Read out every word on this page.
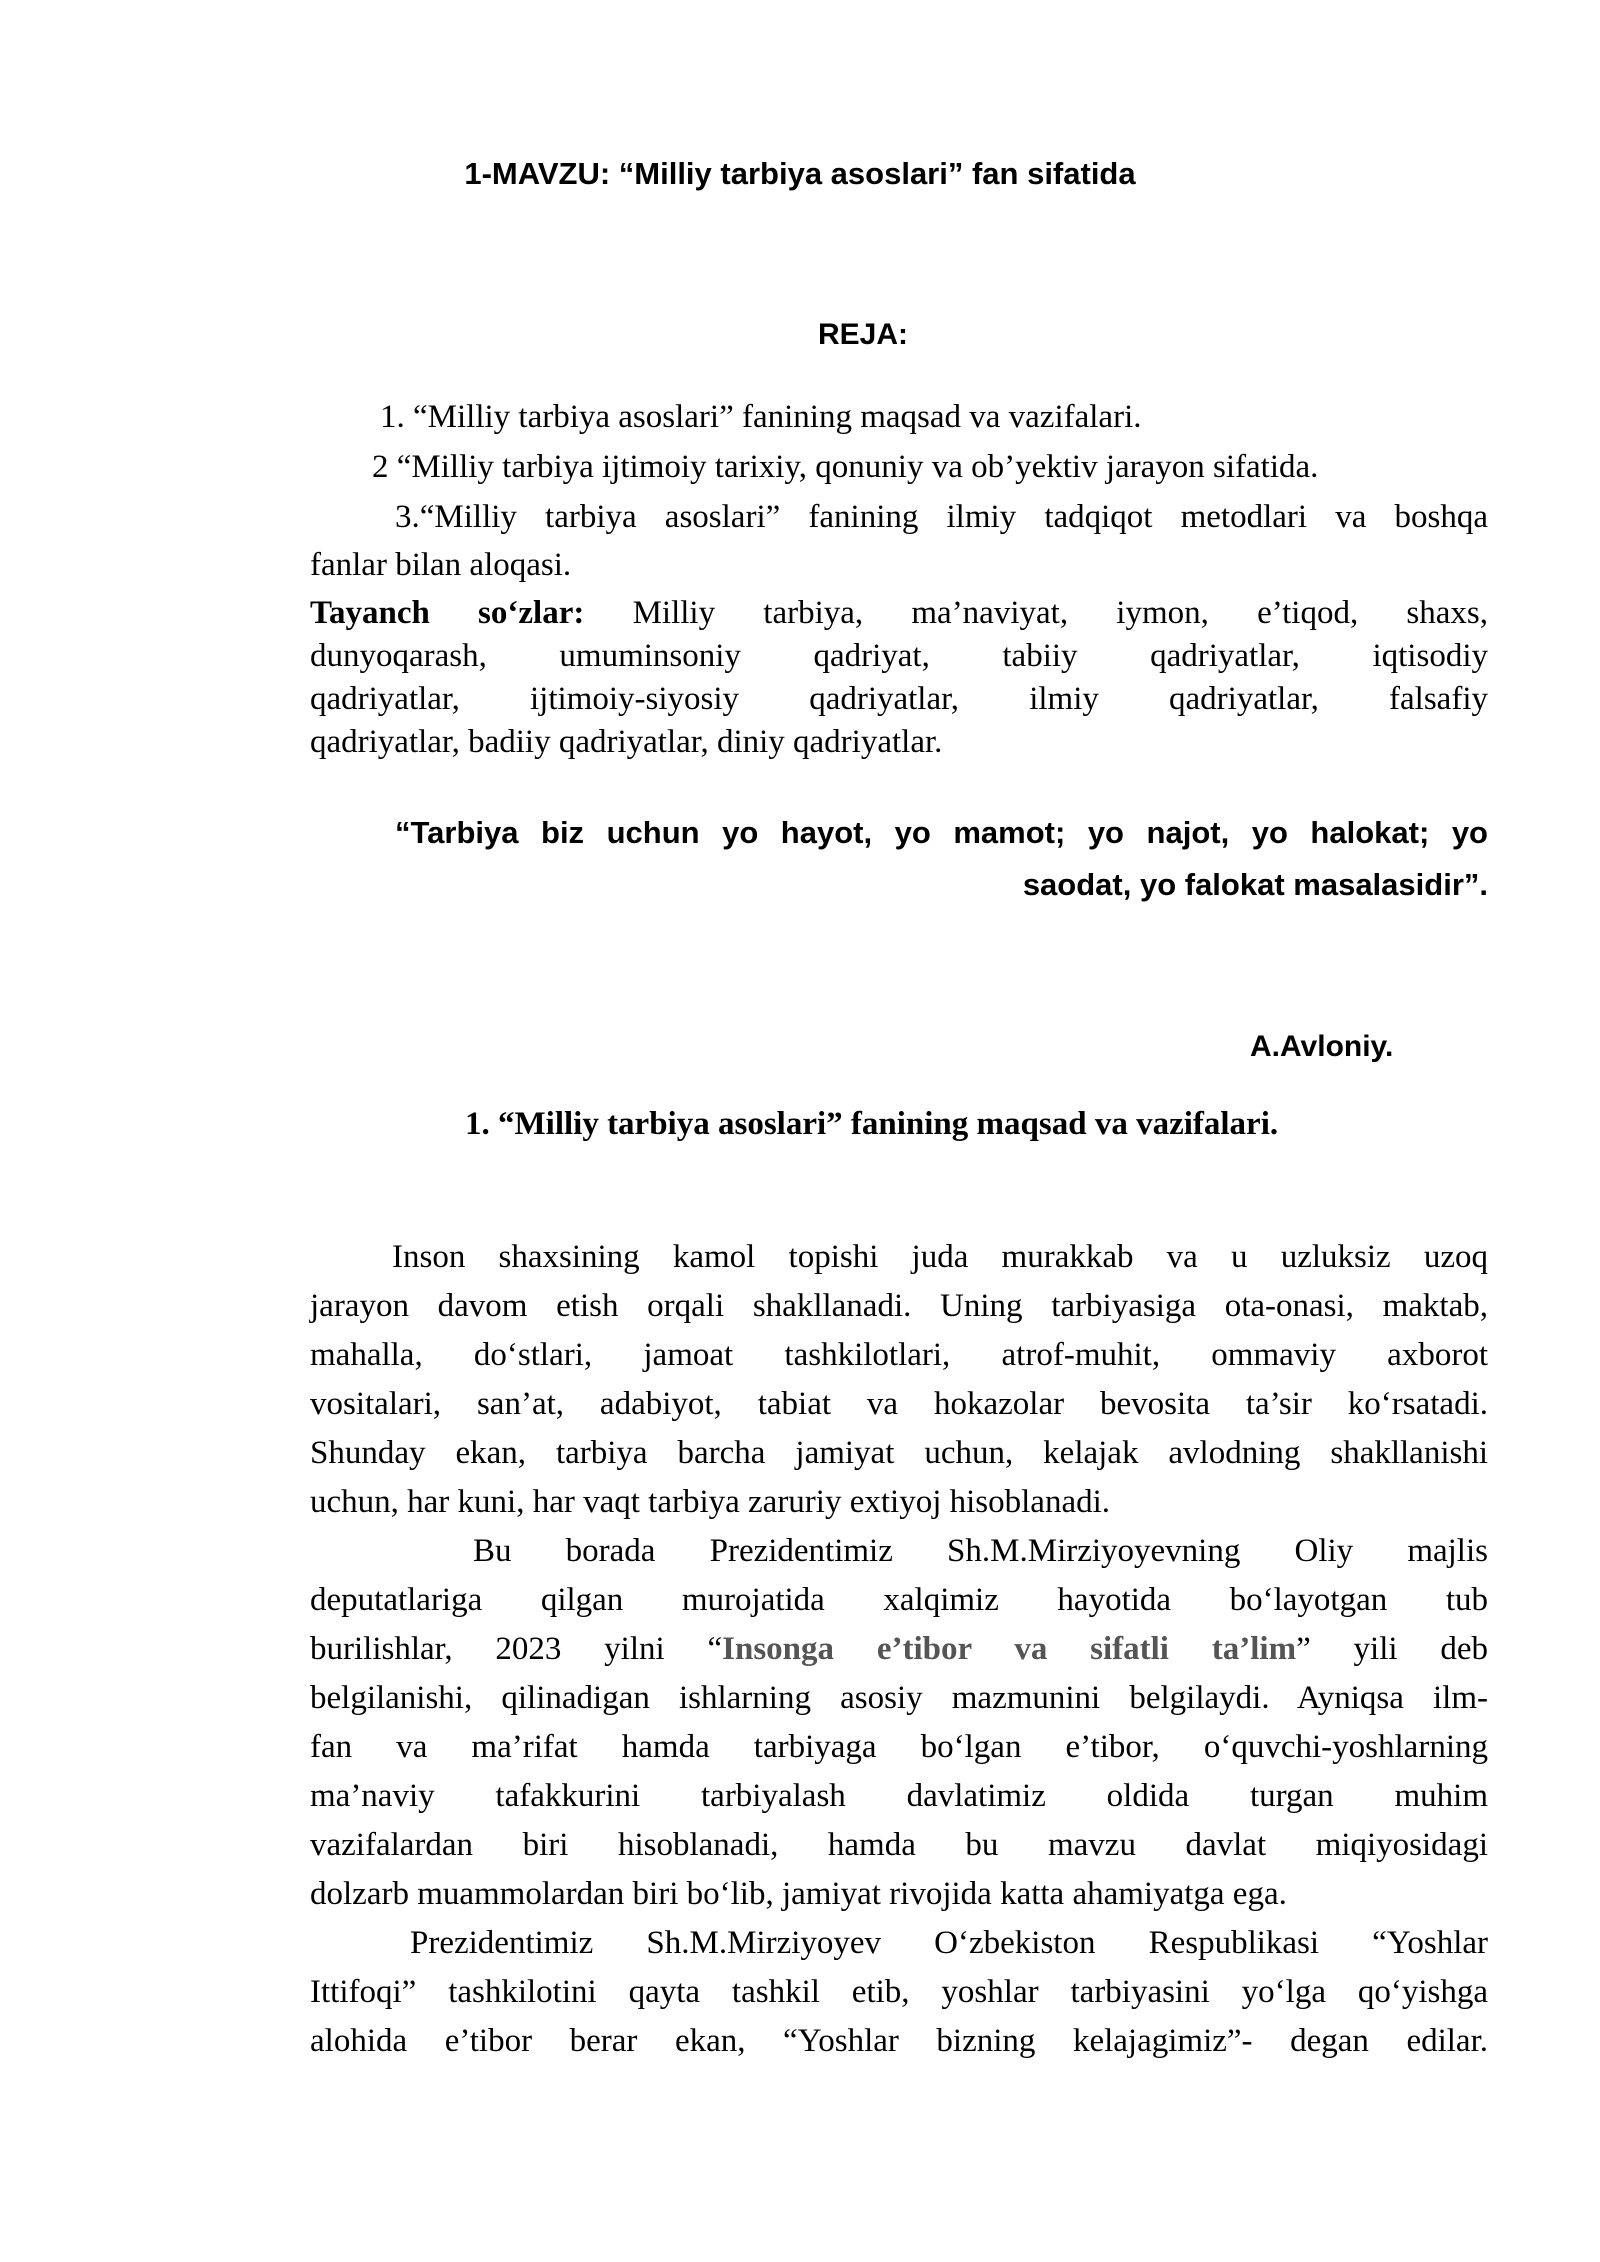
1-MAVZU: “Milliy tarbiya asoslari” fan sifatida
REJA:
1. “Milliy tarbiya asoslari” fanining maqsad va vazifalari.
2 “Milliy tarbiya ijtimoiy tarixiy, qonuniy va ob’yektiv jarayon sifatida.
3.“Milliy tarbiya asoslari” fanining ilmiy tadqiqot metodlari va boshqa
fanlar bilan aloqasi.
Tayanch so‘zlar: Milliy tarbiya, ma’naviyat, iymon, e’tiqod, shaxs,
dunyoqarash, umuminsoniy qadriyat, tabiiy qadriyatlar, iqtisodiy
qadriyatlar, ijtimoiy-siyosiy qadriyatlar, ilmiy qadriyatlar, falsafiy
qadriyatlar, badiiy qadriyatlar, diniy qadriyatlar.
“Tarbiya biz uchun yo hayot, yo mamot; yo najot, yo halokat; yo
saodat, yo falokat masalasidir”.
A.Avloniy.
1. “Milliy tarbiya asoslari” fanining maqsad va vazifalari.
Inson shaxsining kamol topishi juda murakkab va u uzluksiz uzoq
jarayon davom etish orqali shakllanadi. Uning tarbiyasiga ota-onasi, maktab,
mahalla, do‘stlari, jamoat tashkilotlari, atrof-muhit, ommaviy axborot
vositalari, san’at, adabiyot, tabiat va hokazolar bevosita ta’sir ko‘rsatadi.
Shunday ekan, tarbiya barcha jamiyat uchun, kelajak avlodning shakllanishi
uchun, har kuni, har vaqt tarbiya zaruriy extiyoj hisoblanadi.
Bu borada Prezidentimiz Sh.M.Mirziyoyevning Oliy majlis
deputatlariga qilgan murojatida xalqimiz hayotida bo‘layotgan tub
burilishlar, 2023 yilni “Insonga e’tibor va sifatli ta’lim” yili deb
belgilanishi, qilinadigan ishlarning asosiy mazmunini belgilaydi. Ayniqsa ilm-
fan va ma’rifat hamda tarbiyaga bo‘lgan e’tibor, o‘quvchi-yoshlarning
ma’naviy tafakkurini tarbiyalash davlatimiz oldida turgan muhim
vazifalardan biri hisoblanadi, hamda bu mavzu davlat miqiyosidagi
dolzarb muammolardan biri bo‘lib, jamiyat rivojida katta ahamiyatga ega.
Prezidentimiz Sh.M.Mirziyoyev O‘zbekiston Respublikasi “Yoshlar
Ittifoqi” tashkilotini qayta tashkil etib, yoshlar tarbiyasini yo‘lga qo‘yishga
alohida e’tibor berar ekan, “Yoshlar bizning kelajagimiz”- degan edilar.
